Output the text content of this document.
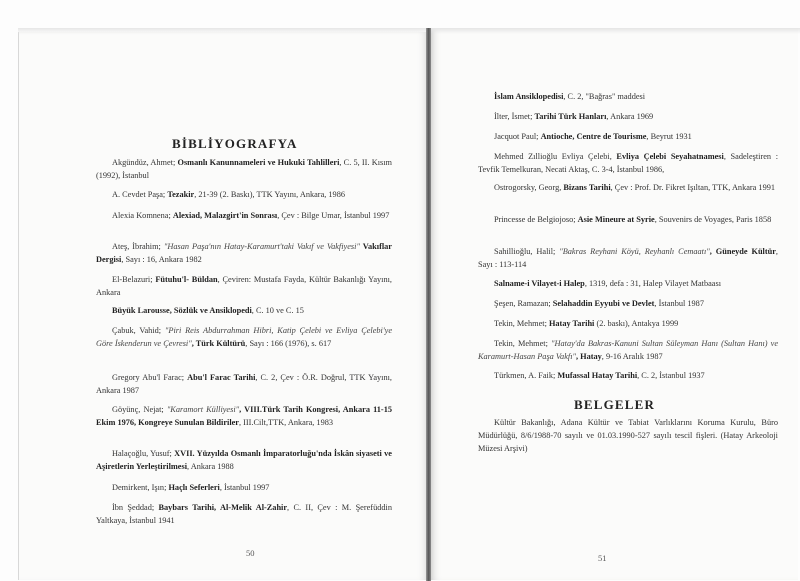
BİBLİYOGRAFYA

Akgündüz, Ahmet; Osmanlı Kanunnameleri ve Hukuki Tahlilleri, C. 5, II. Kısım (1992), İstanbul

A. Cevdet Paşa; Tezakir, 21-39 (2. Baskı), TTK Yayını, Ankara, 1986

Alexia Komnena; Alexiad, Malazgirt'in Sonrası, Çev : Bilge Umar, İstanbul 1997

Ateş, İbrahim; "Hasan Paşa'nın Hatay-Karamurt'taki Vakıf ve Vakfiyesi" Vakıflar Dergisi, Sayı : 16, Ankara 1982

El-Belazuri; Fütuhu'l- Büldan, Çeviren: Mustafa Fayda, Kültür Bakanlığı Yayını, Ankara

Büyük Larousse, Sözlük ve Ansiklopedi, C. 10 ve C. 15

Çabuk, Vahid; "Piri Reis Abdurrahman Hibri, Katip Çelebi ve Evliya Çelebi'ye Göre İskenderun ve Çevresi", Türk Kültürü, Sayı : 166 (1976), s. 617

Gregory Abu'l Farac; Abu'l Farac Tarihi, C. 2, Çev : Ö.R. Doğrul, TTK Yayını, Ankara 1987

Göyünç, Nejat; "Karamort Külliyesi", VIII.Türk Tarih Kongresi, Ankara 11-15 Ekim 1976, Kongreye Sunulan Bildiriler, III.Cilt,TTK, Ankara, 1983

Halaçoğlu, Yusuf; XVII. Yüzyılda Osmanlı İmparatorluğu'nda İskân siyaseti ve Aşiretlerin Yerleştirilmesi, Ankara 1988

Demirkent, Işın; Haçlı Seferleri, İstanbul 1997

İbn Şeddad; Baybars Tarihi, Al-Melik Al-Zahir, C. II, Çev : M. Şerefüddin Yaltkaya, İstanbul 1941

50

İslam Ansiklopedisi, C. 2, "Bağras" maddesi

İlter, İsmet; Tarihi Türk Hanları, Ankara 1969

Jacquot Paul; Antioche, Centre de Tourisme, Beyrut 1931

Mehmed Zıllioğlu Evliya Çelebi, Evliya Çelebi Seyahatnamesi, Sadeleştiren : Tevfik Temelkuran, Necati Aktaş, C. 3-4, İstanbul 1986,

Ostrogorsky, Georg, Bizans Tarihi, Çev : Prof. Dr. Fikret Işıltan, TTK, Ankara 1991

Princesse de Belgiojoso; Asie Mineure at Syrie, Souvenirs de Voyages, Paris 1858

Sahillioğlu, Halil; "Bakras Reyhani Köyü, Reyhanlı Cemaatı", Güneyde Kültür, Sayı : 113-114

Salname-i Vilayet-i Halep, 1319, defa : 31, Halep Vilayet Matbaası

Şeşen, Ramazan; Selahaddin Eyyubi ve Devlet, İstanbul 1987

Tekin, Mehmet; Hatay Tarihi (2. baskı), Antakya 1999

Tekin, Mehmet; "Hatay'da Bakras-Kanuni Sultan Süleyman Hanı (Sultan Hanı) ve Karamurt-Hasan Paşa Vakfı", Hatay, 9-16 Aralık 1987

Türkmen, A. Faik; Mufassal Hatay Tarihi, C. 2, İstanbul 1937

BELGELER

Kültür Bakanlığı, Adana Kültür ve Tabiat Varlıklarını Koruma Kurulu, Büro Müdürlüğü, 8/6/1988-70 sayılı ve 01.03.1990-527 sayılı tescil fişleri. (Hatay Arkeoloji Müzesi Arşivi)

51
